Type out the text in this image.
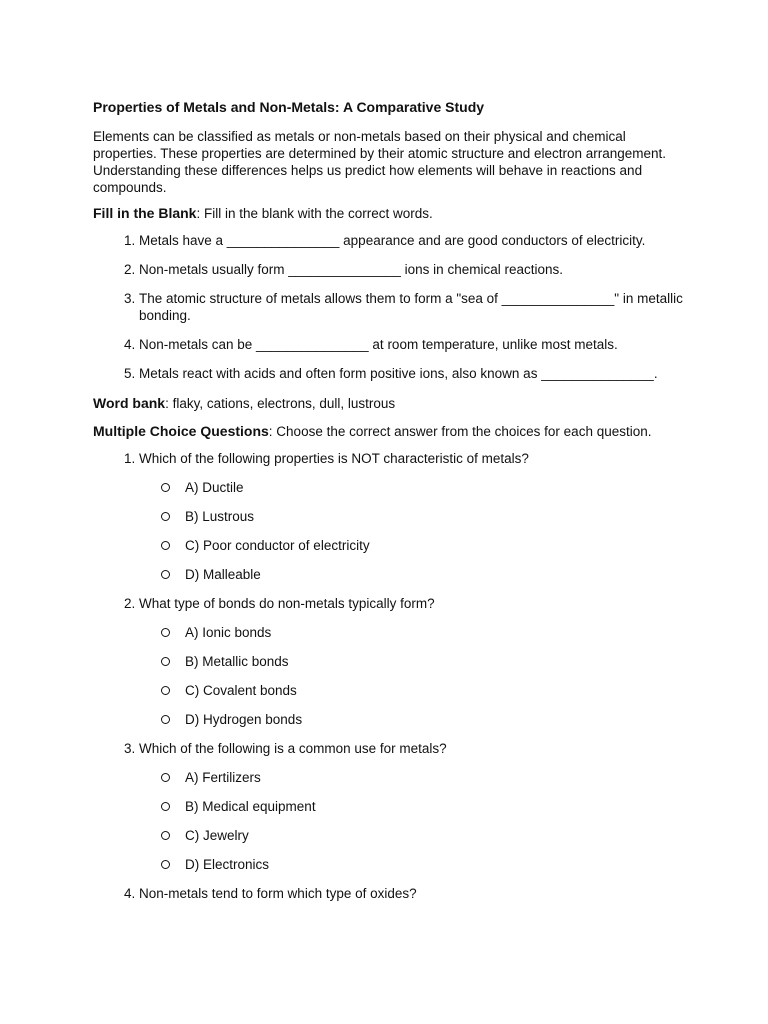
Properties of Metals and Non-Metals: A Comparative Study

Elements can be classified as metals or non-metals based on their physical and chemical properties. These properties are determined by their atomic structure and electron arrangement. Understanding these differences helps us predict how elements will behave in reactions and compounds.

Fill in the Blank: Fill in the blank with the correct words.

1. Metals have a _______________ appearance and are good conductors of electricity.
2. Non-metals usually form _______________ ions in chemical reactions.
3. The atomic structure of metals allows them to form a "sea of _______________" in metallic bonding.
4. Non-metals can be _______________ at room temperature, unlike most metals.
5. Metals react with acids and often form positive ions, also known as _______________.

Word bank: flaky, cations, electrons, dull, lustrous

Multiple Choice Questions: Choose the correct answer from the choices for each question.

1. Which of the following properties is NOT characteristic of metals?
A) Ductile
B) Lustrous
C) Poor conductor of electricity
D) Malleable
2. What type of bonds do non-metals typically form?
A) Ionic bonds
B) Metallic bonds
C) Covalent bonds
D) Hydrogen bonds
3. Which of the following is a common use for metals?
A) Fertilizers
B) Medical equipment
C) Jewelry
D) Electronics
4. Non-metals tend to form which type of oxides?
